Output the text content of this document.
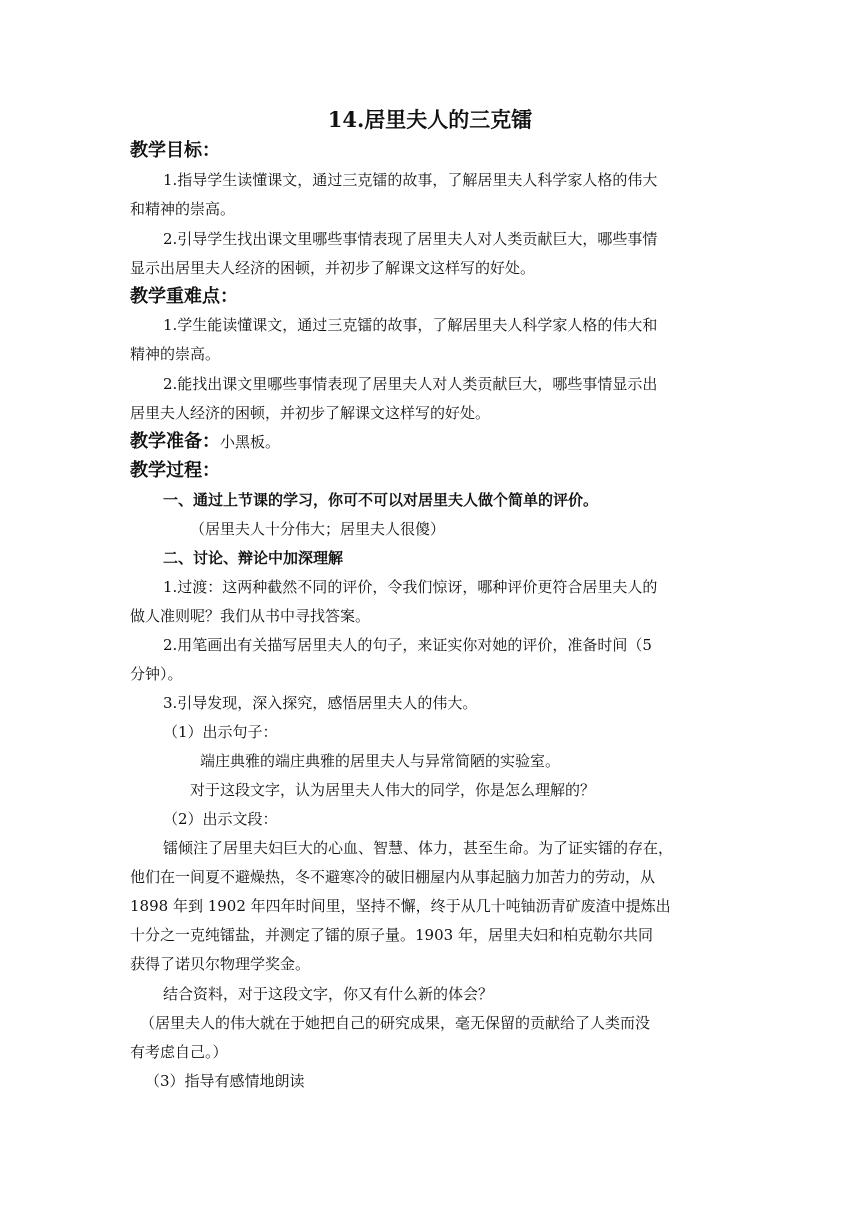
14.居里夫人的三克镭
教学目标：

1.指导学生读懂课文，通过三克镭的故事，了解居里夫人科学家人格的伟大

和精神的崇高。

2.引导学生找出课文里哪些事情表现了居里夫人对人类贡献巨大，哪些事情

显示出居里夫人经济的困顿，并初步了解课文这样写的好处。

教学重难点：

1.学生能读懂课文，通过三克镭的故事，了解居里夫人科学家人格的伟大和

精神的崇高。

2.能找出课文里哪些事情表现了居里夫人对人类贡献巨大，哪些事情显示出

居里夫人经济的困顿，并初步了解课文这样写的好处。

教学准备：小黑板。
教学过程：

一、通过上节课的学习，你可不可以对居里夫人做个简单的评价。

（居里夫人十分伟大；居里夫人很傻）

二、讨论、辩论中加深理解

1.过渡：这两种截然不同的评价，令我们惊讶，哪种评价更符合居里夫人的

做人准则呢？我们从书中寻找答案。

2.用笔画出有关描写居里夫人的句子，来证实你对她的评价，准备时间（5

分钟）。

3.引导发现，深入探究，感悟居里夫人的伟大。

（1）出示句子：

端庄典雅的端庄典雅的居里夫人与异常简陋的实验室。

对于这段文字，认为居里夫人伟大的同学，你是怎么理解的？

（2）出示文段：

镭倾注了居里夫妇巨大的心血、智慧、体力，甚至生命。为了证实镭的存在，

他们在一间夏不避燥热，冬不避寒冷的破旧棚屋内从事起脑力加苦力的劳动，从

1898 年到 1902 年四年时间里，坚持不懈，终于从几十吨铀沥青矿废渣中提炼出

十分之一克纯镭盐，并测定了镭的原子量。1903 年，居里夫妇和柏克勒尔共同

获得了诺贝尔物理学奖金。

结合资料，对于这段文字，你又有什么新的体会？

（居里夫人的伟大就在于她把自己的研究成果，毫无保留的贡献给了人类而没

有考虑自己。）

（3）指导有感情地朗读
